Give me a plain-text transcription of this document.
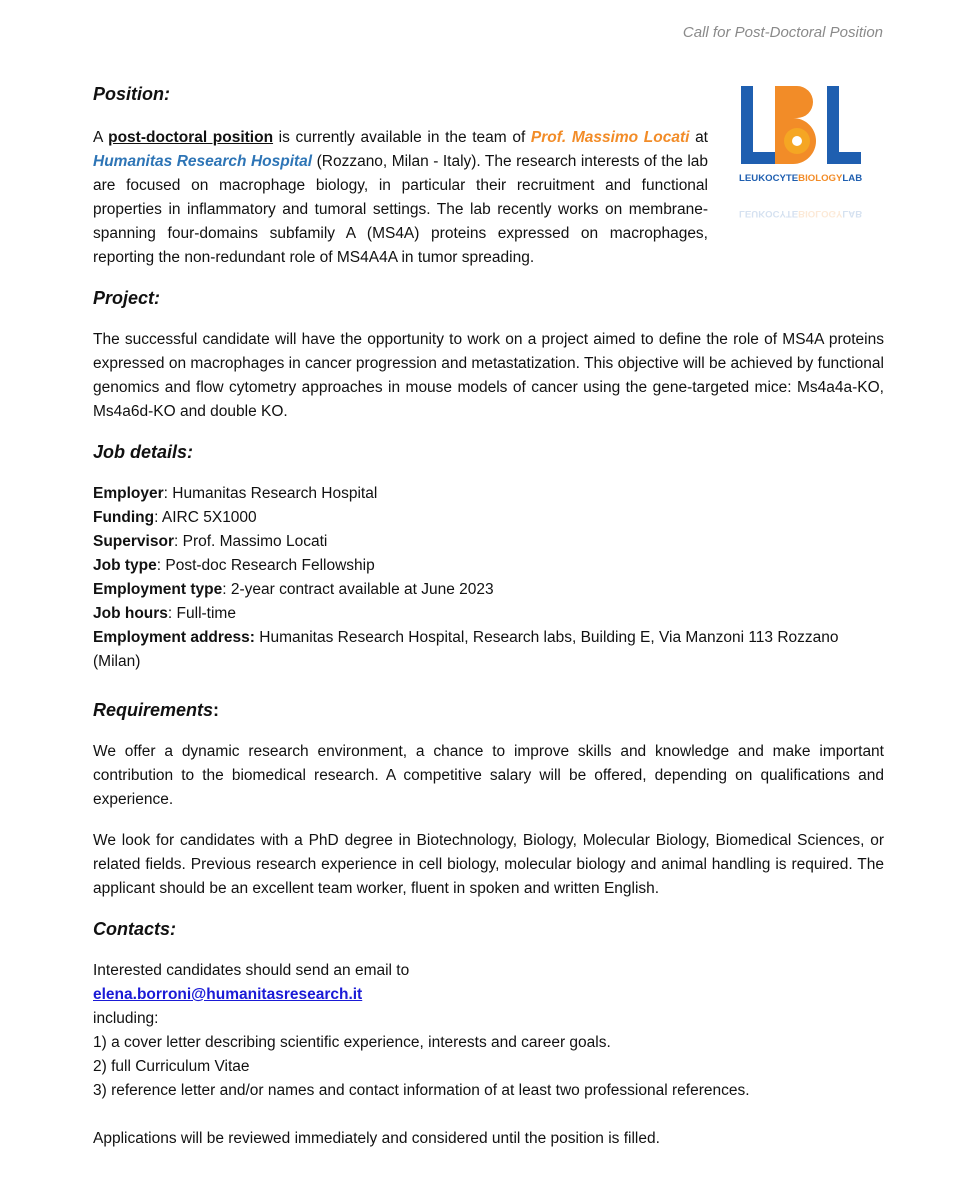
Call for Post-Doctoral Position
Position:

A post-doctoral position is currently available in the team of Prof. Massimo Locati at Humanitas Research Hospital (Rozzano, Milan - Italy). The research interests of the lab are focused on macrophage biology, in particular their recruitment and functional properties in inflammatory and tumoral settings. The lab recently works on membrane-spanning four-domains subfamily A (MS4A) proteins expressed on macrophages, reporting the non-redundant role of MS4A4A in tumor spreading.

LEUKOCYTEBIOLOGYLAB
LEUKOCYTEBIOLOGYLAB
Project:

The successful candidate will have the opportunity to work on a project aimed to define the role of MS4A proteins expressed on macrophages in cancer progression and metastatization. This objective will be achieved by functional genomics and flow cytometry approaches in mouse models of cancer using the gene-targeted mice: Ms4a4a-KO, Ms4a6d-KO and double KO.

Job details:
Employer: Humanitas Research Hospital
Funding: AIRC 5X1000
Supervisor: Prof. Massimo Locati
Job type: Post-doc Research Fellowship
Employment type: 2-year contract available at June 2023
Job hours: Full-time
Employment address: Humanitas Research Hospital, Research labs, Building E, Via Manzoni 113 Rozzano (Milan)
Requirements:

We offer a dynamic research environment, a chance to improve skills and knowledge and make important contribution to the biomedical research. A competitive salary will be offered, depending on qualifications and experience.

We look for candidates with a PhD degree in Biotechnology, Biology, Molecular Biology, Biomedical Sciences, or related fields. Previous research experience in cell biology, molecular biology and animal handling is required. The applicant should be an excellent team worker, fluent in spoken and written English.

Contacts:

Interested candidates should send an email to

elena.borroni@humanitasresearch.it

including:

1) a cover letter describing scientific experience, interests and career goals.

2) full Curriculum Vitae

3) reference letter and/or names and contact information of at least two professional references.

Applications will be reviewed immediately and considered until the position is filled.
